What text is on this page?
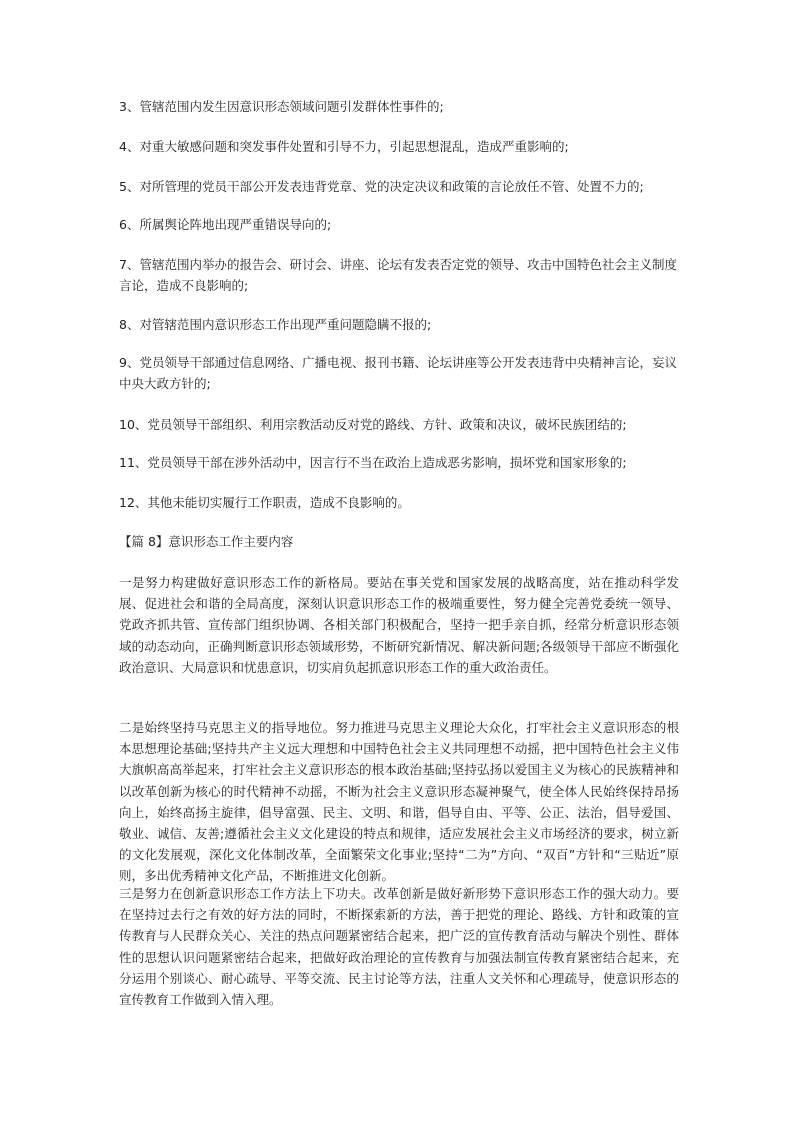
3、管辖范围内发生因意识形态领域问题引发群体性事件的;
4、对重大敏感问题和突发事件处置和引导不力，引起思想混乱，造成严重影响的;
5、对所管理的党员干部公开发表违背党章、党的决定决议和政策的言论放任不管、处置不力的;
6、所属舆论阵地出现严重错误导向的;
7、管辖范围内举办的报告会、研讨会、讲座、论坛有发表否定党的领导、攻击中国特色社会主义制度言论，造成不良影响的;
8、对管辖范围内意识形态工作出现严重问题隐瞒不报的;
9、党员领导干部通过信息网络、广播电视、报刊书籍、论坛讲座等公开发表违背中央精神言论，妄议中央大政方针的;
10、党员领导干部组织、利用宗教活动反对党的路线、方针、政策和决议，破坏民族团结的;
11、党员领导干部在涉外活动中，因言行不当在政治上造成恶劣影响，损坏党和国家形象的;
12、其他未能切实履行工作职责，造成不良影响的。
【篇 8】意识形态工作主要内容
一是努力构建做好意识形态工作的新格局。要站在事关党和国家发展的战略高度，站在推动科学发展、促进社会和谐的全局高度，深刻认识意识形态工作的极端重要性，努力健全完善党委统一领导、党政齐抓共管、宣传部门组织协调、各相关部门积极配合，坚持一把手亲自抓，经常分析意识形态领域的动态动向，正确判断意识形态领域形势，不断研究新情况、解决新问题;各级领导干部应不断强化政治意识、大局意识和忧患意识，切实肩负起抓意识形态工作的重大政治责任。
二是始终坚持马克思主义的指导地位。努力推进马克思主义理论大众化，打牢社会主义意识形态的根本思想理论基础;坚持共产主义远大理想和中国特色社会主义共同理想不动摇，把中国特色社会主义伟大旗帜高高举起来，打牢社会主义意识形态的根本政治基础;坚持弘扬以爱国主义为核心的民族精神和以改革创新为核心的时代精神不动摇，不断为社会主义意识形态凝神聚气，使全体人民始终保持昂扬向上，始终高扬主旋律，倡导富强、民主、文明、和谐，倡导自由、平等、公正、法治，倡导爱国、敬业、诚信、友善;遵循社会主义文化建设的特点和规律，适应发展社会主义市场经济的要求，树立新的文化发展观，深化文化体制改革，全面繁荣文化事业;坚持“二为”方向、“双百”方针和“三贴近”原则，多出优秀精神文化产品，不断推进文化创新。
三是努力在创新意识形态工作方法上下功夫。改革创新是做好新形势下意识形态工作的强大动力。要在坚持过去行之有效的好方法的同时，不断探索新的方法，善于把党的理论、路线、方针和政策的宣传教育与人民群众关心、关注的热点问题紧密结合起来，把广泛的宣传教育活动与解决个别性、群体性的思想认识问题紧密结合起来，把做好政治理论的宣传教育与加强法制宣传教育紧密结合起来，充分运用个别谈心、耐心疏导、平等交流、民主讨论等方法，注重人文关怀和心理疏导，使意识形态的宣传教育工作做到入情入理。
